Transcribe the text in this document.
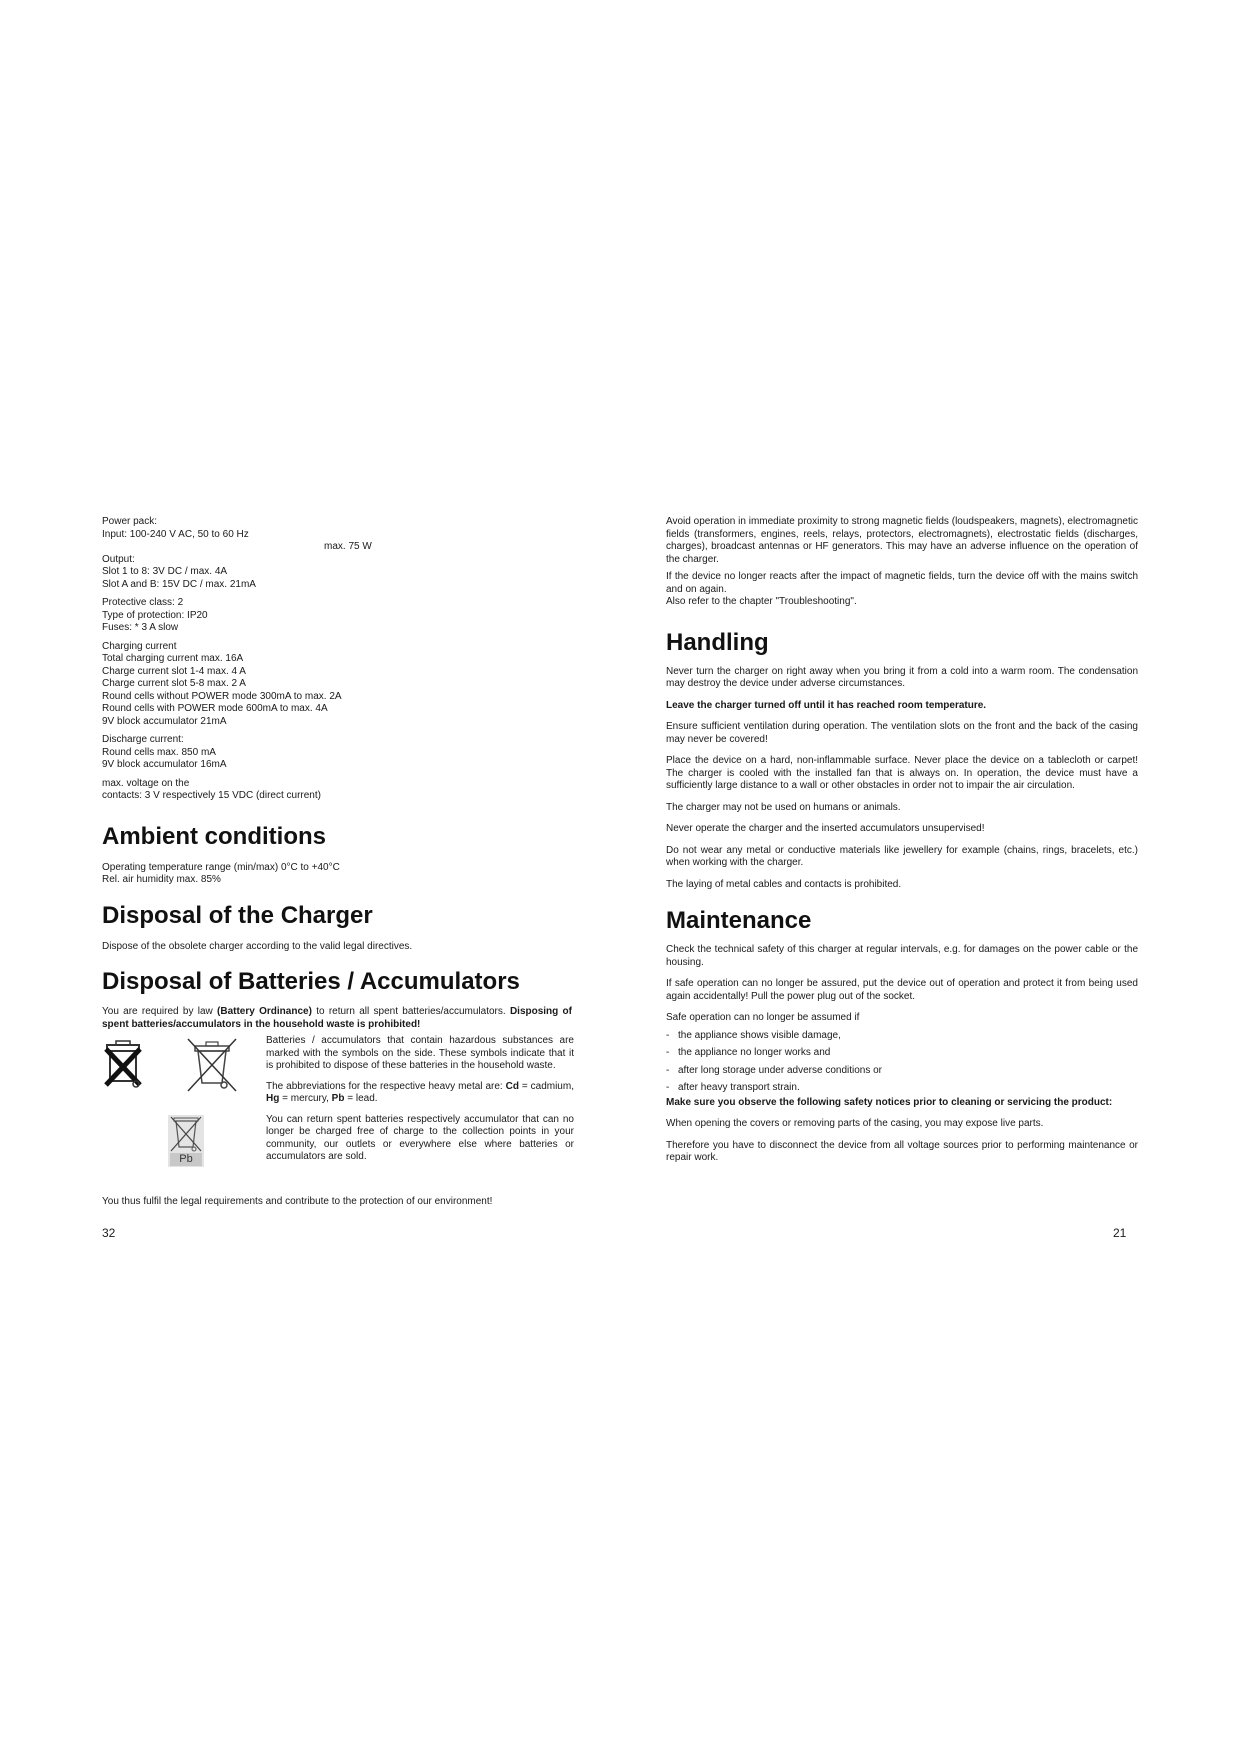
Power pack:
Input: 100-240 V AC, 50 to 60 Hz
max. 75 W
Output:
Slot 1 to 8: 3V DC / max. 4A
Slot A and B: 15V DC / max. 21mA
Protective class: 2
Type of protection: IP20
Fuses: * 3 A slow
Charging current
Total charging current max. 16A
Charge current slot 1-4 max. 4 A
Charge current slot 5-8 max. 2 A
Round cells without POWER mode 300mA to max. 2A
Round cells with POWER mode 600mA to max. 4A
9V block accumulator 21mA
Discharge current:
Round cells max. 850 mA
9V block accumulator 16mA
max. voltage on the
contacts: 3 V respectively 15 VDC (direct current)
Ambient conditions
Operating temperature range (min/max) 0°C to +40°C
Rel. air humidity max. 85%
Disposal of the Charger

Dispose of the obsolete charger according to the valid legal directives.

Disposal of Batteries / Accumulators

You are required by law (Battery Ordinance) to return all spent batteries/accumulators. Disposing of spent batteries/accumulators in the household waste is prohibited!

Pb

Batteries / accumulators that contain hazardous substances are marked with the symbols on the side. These symbols indicate that it is prohibited to dispose of these batteries in the household waste.

The abbreviations for the respective heavy metal are: Cd = cadmium, Hg = mercury, Pb = lead.

You can return spent batteries respectively accumulator that can no longer be charged free of charge to the collection points in your community, our outlets or everywhere else where batteries or accumulators are sold.

You thus fulfil the legal requirements and contribute to the protection of our environment!

32

Avoid operation in immediate proximity to strong magnetic fields (loudspeakers, magnets), electromagnetic fields (transformers, engines, reels, relays, protectors, electromagnets), electrostatic fields (discharges, charges), broadcast antennas or HF generators. This may have an adverse influence on the operation of the charger.

If the device no longer reacts after the impact of magnetic fields, turn the device off with the mains switch and on again.

Also refer to the chapter "Troubleshooting".

Handling

Never turn the charger on right away when you bring it from a cold into a warm room. The condensation may destroy the device under adverse circumstances.

Leave the charger turned off until it has reached room temperature.

Ensure sufficient ventilation during operation. The ventilation slots on the front and the back of the casing may never be covered!

Place the device on a hard, non-inflammable surface. Never place the device on a tablecloth or carpet! The charger is cooled with the installed fan that is always on. In operation, the device must have a sufficiently large distance to a wall or other obstacles in order not to impair the air circulation.

The charger may not be used on humans or animals.

Never operate the charger and the inserted accumulators unsupervised!

Do not wear any metal or conductive materials like jewellery for example (chains, rings, bracelets, etc.) when working with the charger.

The laying of metal cables and contacts is prohibited.

Maintenance

Check the technical safety of this charger at regular intervals, e.g. for damages on the power cable or the housing.

If safe operation can no longer be assured, put the device out of operation and protect it from being used again accidentally! Pull the power plug out of the socket.

Safe operation can no longer be assumed if

- the appliance shows visible damage,
- the appliance no longer works and
- after long storage under adverse conditions or
- after heavy transport strain.

Make sure you observe the following safety notices prior to cleaning or servicing the product:

When opening the covers or removing parts of the casing, you may expose live parts.

Therefore you have to disconnect the device from all voltage sources prior to performing maintenance or repair work.

21
